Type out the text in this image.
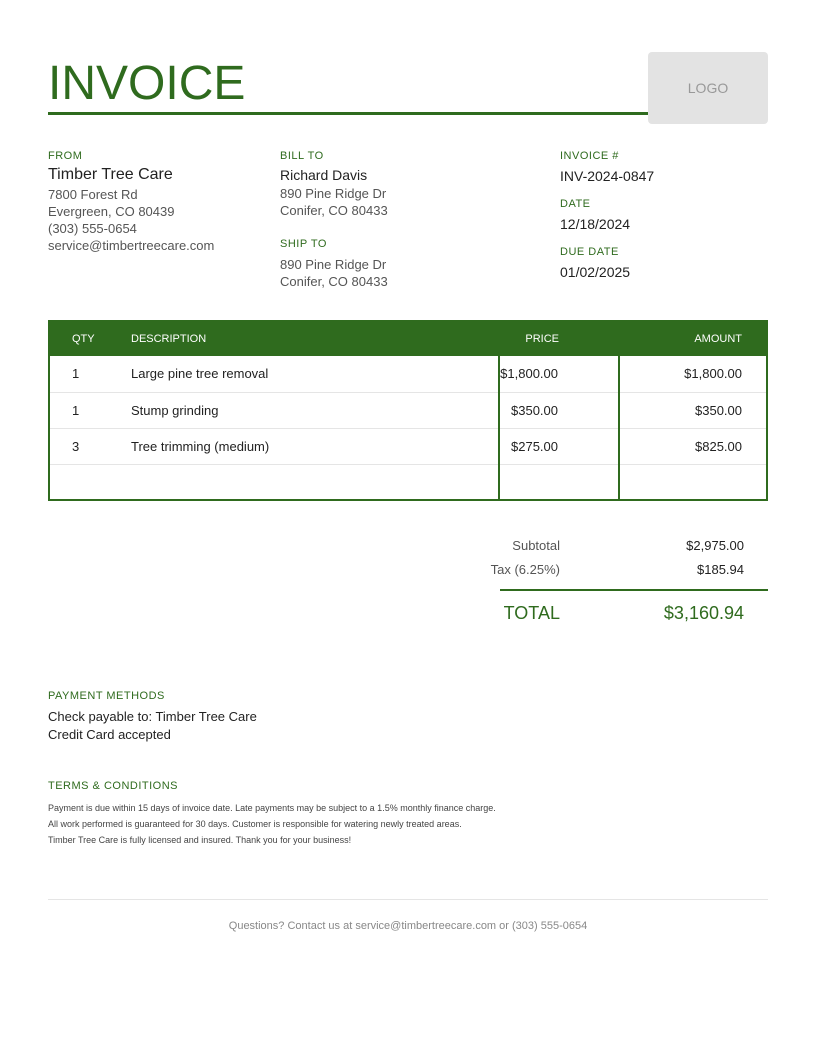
INVOICE	LOGO
FROM
Timber Tree Care
7800 Forest Rd
Evergreen, CO 80439
(303) 555-0654
service@timbertreecare.com
BILL TO
Richard Davis
890 Pine Ridge Dr
Conifer, CO 80433
SHIP TO
890 Pine Ridge Dr
Conifer, CO 80433
INVOICE #
INV-2024-0847
DATE
12/18/2024
DUE DATE
01/02/2025
QTY	DESCRIPTION	PRICE	AMOUNT
1	Large pine tree removal	$1,800.00	$1,800.00
1	Stump grinding	$350.00	$350.00
3	Tree trimming (medium)	$275.00	$825.00

Subtotal	$2,975.00
Tax (6.25%)	$185.94
TOTAL	$3,160.94
PAYMENT METHODS
Check payable to: Timber Tree Care
Credit Card accepted
TERMS & CONDITIONS
Payment is due within 15 days of invoice date. Late payments may be subject to a 1.5% monthly finance charge.
All work performed is guaranteed for 30 days. Customer is responsible for watering newly treated areas.
Timber Tree Care is fully licensed and insured. Thank you for your business!
Questions? Contact us at service@timbertreecare.com or (303) 555-0654
